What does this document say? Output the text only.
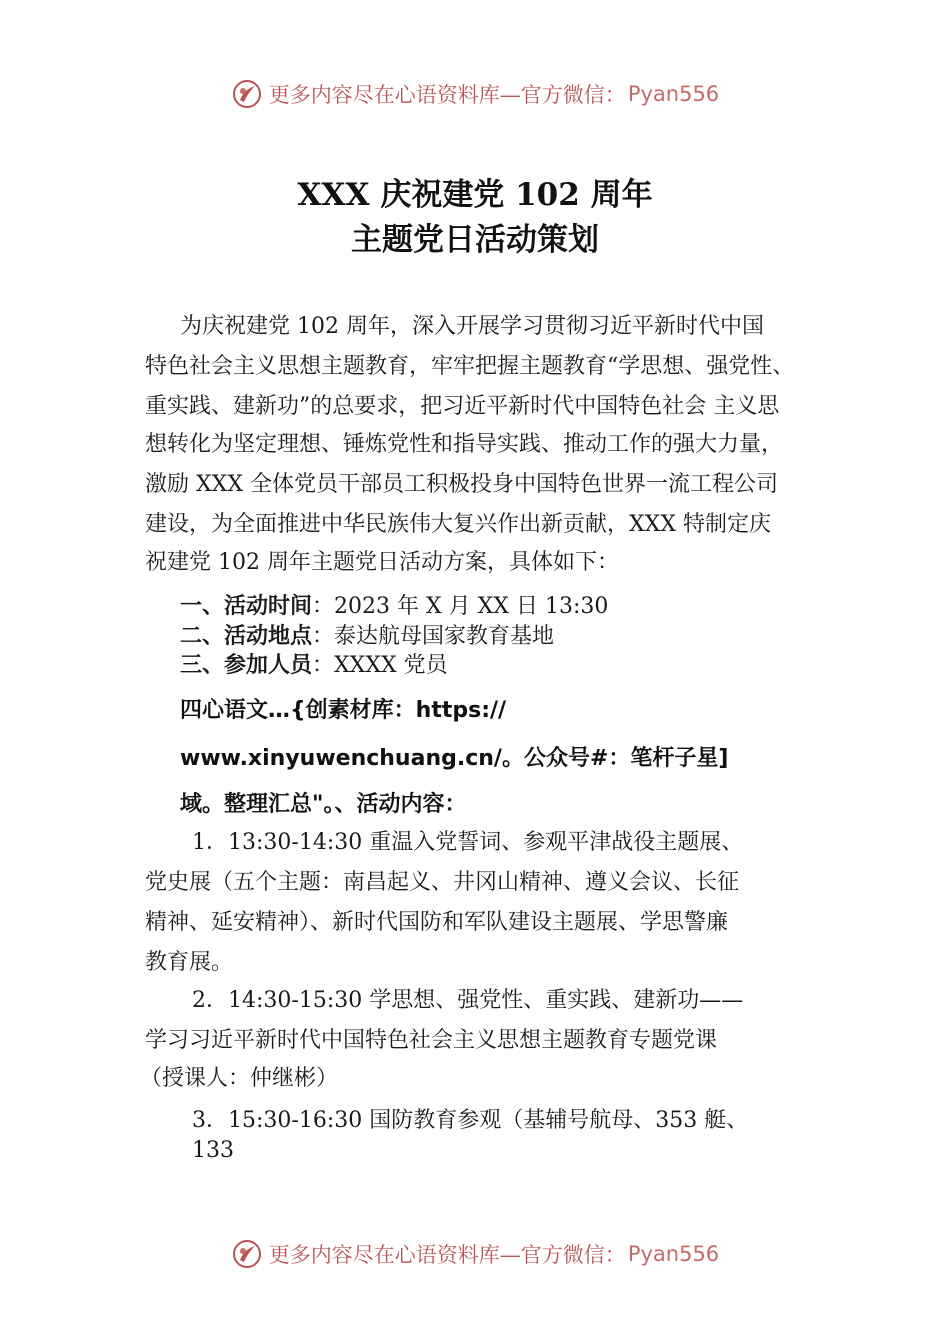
更多内容尽在心语资料库—官方微信： Pyan556
XXX 庆祝建党 102 周年
主题党日活动策划
为庆祝建党 102 周年，深入开展学习贯彻习近平新时代中国
特色社会主义思想主题教育，牢牢把握主题教育“学思想、强党性、
重实践、建新功”的总要求，把习近平新时代中国特色社会 主义思
想转化为坚定理想、锤炼党性和指导实践、推动工作的强大力量，
激励 XXX 全体党员干部员工积极投身中国特色世界一流工程公司
建设，为全面推进中华民族伟大复兴作出新贡献，XXX 特制定庆
祝建党 102 周年主题党日活动方案，具体如下：
一、活动时间：2023 年 X 月 XX 日 13:30
二、活动地点：泰达航母国家教育基地
三、参加人员：XXXX 党员
四心语文…{创素材库：https://
www.xinyuwenchuang.cn/。公众号#：笔杆子星]
域。整理汇总"。、活动内容：
1．13:30-14:30 重温入党誓词、参观平津战役主题展、
党史展（五个主题：南昌起义、井冈山精神、遵义会议、长征
精神、延安精神）、新时代国防和军队建设主题展、学思警廉
教育展。
2．14:30-15:30 学思想、强党性、重实践、建新功——
学习习近平新时代中国特色社会主义思想主题教育专题党课
（授课人：仲继彬）
3．15:30-16:30 国防教育参观（基辅号航母、353 艇、
133
更多内容尽在心语资料库—官方微信： Pyan556
